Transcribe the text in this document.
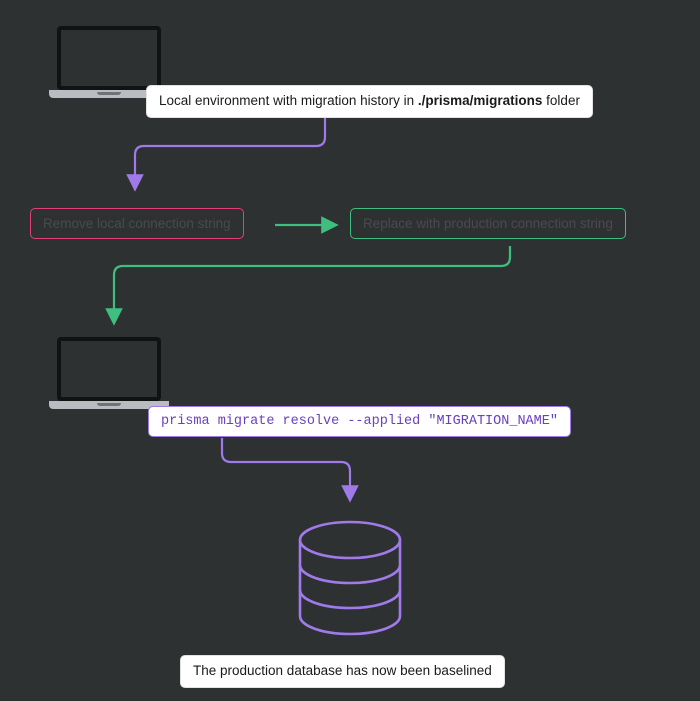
Local environment with migration history in ./prisma/migrations folder
Remove local connection string	Replace with production connection string
prisma migrate resolve --applied "MIGRATION_NAME"
The production database has now been baselined
